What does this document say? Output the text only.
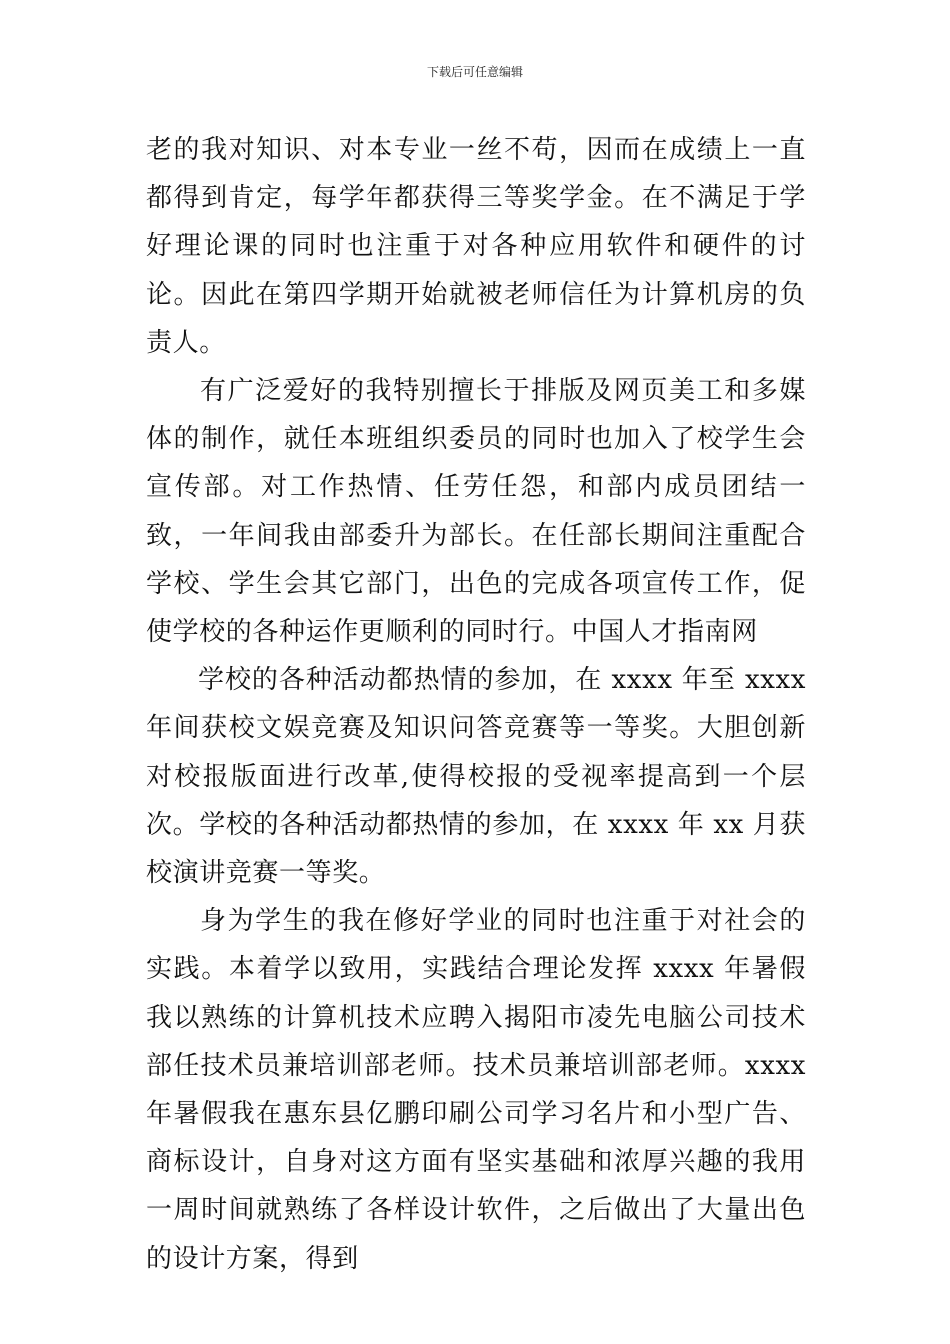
下载后可任意编辑

老的我对知识、对本专业一丝不苟，因而在成绩上一直都得到肯定，每学年都获得三等奖学金。在不满足于学好理论课的同时也注重于对各种应用软件和硬件的讨论。因此在第四学期开始就被老师信任为计算机房的负责人。

有广泛爱好的我特别擅长于排版及网页美工和多媒体的制作，就任本班组织委员的同时也加入了校学生会宣传部。对工作热情、任劳任怨，和部内成员团结一致，一年间我由部委升为部长。在任部长期间注重配合学校、学生会其它部门，出色的完成各项宣传工作，促使学校的各种运作更顺利的同时行。中国人才指南网

学校的各种活动都热情的参加，在 xxxx 年至 xxxx 年间获校文娱竞赛及知识问答竞赛等一等奖。大胆创新对校报版面进行改革,使得校报的受视率提高到一个层次。学校的各种活动都热情的参加，在 xxxx 年 xx 月获校演讲竞赛一等奖。

身为学生的我在修好学业的同时也注重于对社会的实践。本着学以致用，实践结合理论发挥 xxxx 年暑假我以熟练的计算机技术应聘入揭阳市凌先电脑公司技术部任技术员兼培训部老师。技术员兼培训部老师。xxxx 年暑假我在惠东县亿鹏印刷公司学习名片和小型广告、商标设计，自身对这方面有坚实基础和浓厚兴趣的我用一周时间就熟练了各样设计软件，之后做出了大量出色的设计方案，得到
